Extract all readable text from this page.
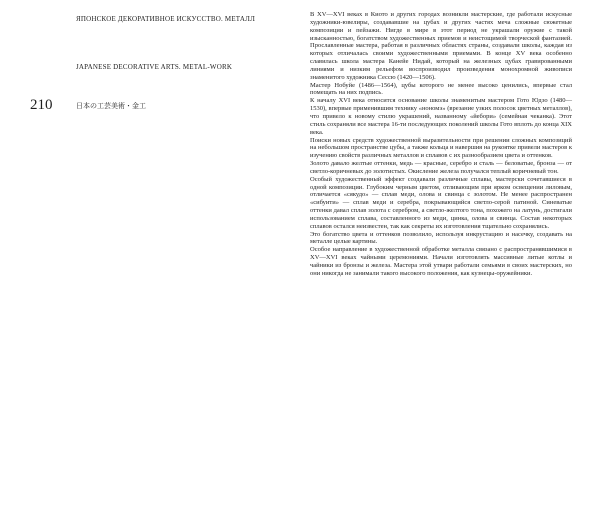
ЯПОНСКОЕ ДЕКОРАТИВНОЕ ИСКУССТВО. МЕТАЛЛ
JAPANESE DECORATIVE ARTS. METAL-WORK
210	日本の工芸美術・金工

В XV—XVI веках в Киото и других городах возникли мастерские, где работали искусные художники-ювелиры, создававшие на цубах и других частях меча сложные сюжетные композиции и пейзажи. Нигде в мире в этот период не украшали оружие с такой изысканностью, богатством художественных приемов и неистощимой творческой фантазией. Прославленные мастера, работая в различных областях страны, создавали школы, каждая из которых отличалась своими художественными приемами. В конце XV века особенно славилась школа мастера Канейе Нидай, который на железных цубах гравированными линиями и низким рельефом воспроизводил произведения монохромной живописи знаменитого художника Сессю (1420—1506).

Мастер Нобуйе (1486—1564), цубы которого не менее высоко ценились, впервые стал помещать на них подпись.

К началу XVI века относится основание школы знаменитым мастером Гото Юдзо (1480—1530), впервые применившим технику «нономэ» (врезание узких полосок цветных металлов), что привело к новому стилю украшений, названному «йебори» (семейная чеканка). Этот стиль сохраняли все мастера 16-ти последующих поколений школы Гото вплоть до конца XIX века.

Поиски новых средств художественной выразительности при решении сложных композиций на небольшом пространстве цубы, а также кольца и навершия на рукоятке привели мастеров к изучению свойств различных металлов и сплавов с их разнообразием цвета и оттенков.

Золото давало желтые оттенки, медь — красные, серебро и сталь — беловатые, бронза — от светло-коричневых до золотистых. Окисление железа получался теплый коричневый тон.

Особый художественный эффект создавали различные сплавы, мастерски сочетавшиеся в одной композиции. Глубоким черным цветом, отливающим при ярком освещении лиловым, отличается «сякудо» — сплав меди, олова и свинца с золотом. Не менее распространен «сибуити» — сплав меди и серебра, покрывающийся светло-серой патиной. Синеватые оттенки давал сплав золота с серебром, а светло-желтого тона, похожего на латунь, достигали использованием сплава, составленного из меди, цинка, олова и свинца. Состав некоторых сплавов остался неизвестен, так как секреты их изготовления тщательно сохранялись.

Это богатство цвета и оттенков позволило, используя инкрустацию и насечку, создавать на металле целые картины.

Особое направление в художественной обработке металла связано с распространявшимися в XV—XVI веках чайными церемониями. Начали изготовлять массивные литые котлы и чайники из бронзы и железа. Мастера этой утвари работали семьями в своих мастерских, но они никогда не занимали такого высокого положения, как кузнецы-оружейники.
